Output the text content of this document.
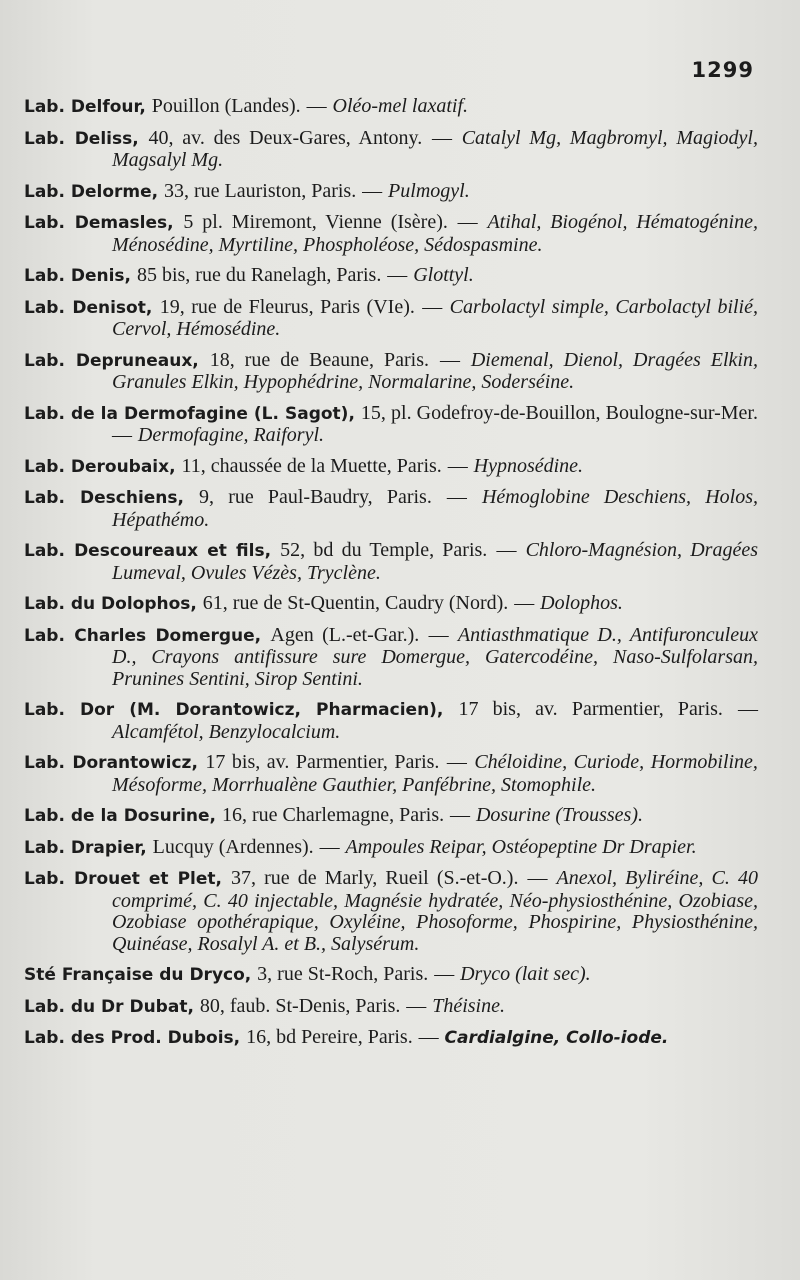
1299

Lab. Delfour, Pouillon (Landes). — Oléo-mel laxatif.

Lab. Deliss, 40, av. des Deux-Gares, Antony. — Catalyl Mg, Magbromyl, Magiodyl, Magsalyl Mg.

Lab. Delorme, 33, rue Lauriston, Paris. — Pulmogyl.

Lab. Demasles, 5 pl. Miremont, Vienne (Isère). — Atihal, Biogénol, Hématogénine, Ménosédine, Myrtiline, Phospholéose, Sédospasmine.

Lab. Denis, 85 bis, rue du Ranelagh, Paris. — Glottyl.

Lab. Denisot, 19, rue de Fleurus, Paris (VIe). — Carbolactyl simple, Carbolactyl bilié, Cervol, Hémosédine.

Lab. Depruneaux, 18, rue de Beaune, Paris. — Diemenal, Dienol, Dragées Elkin, Granules Elkin, Hypophédrine, Normalarine, Soderséine.

Lab. de la Dermofagine (L. Sagot), 15, pl. Godefroy-de-Bouillon, Boulogne-sur-Mer. — Dermofagine, Raiforyl.

Lab. Deroubaix, 11, chaussée de la Muette, Paris. — Hypnosédine.

Lab. Deschiens, 9, rue Paul-Baudry, Paris. — Hémoglobine Deschiens, Holos, Hépathémo.

Lab. Descoureaux et fils, 52, bd du Temple, Paris. — Chloro-Magnésion, Dragées Lumeval, Ovules Vézès, Tryclène.

Lab. du Dolophos, 61, rue de St-Quentin, Caudry (Nord). — Dolophos.

Lab. Charles Domergue, Agen (L.-et-Gar.). — Antiasthmatique D., Antifuronculeux D., Crayons antifissure sure Domergue, Gatercodéine, Naso-Sulfolarsan, Prunines Sentini, Sirop Sentini.

Lab. Dor (M. Dorantowicz, Pharmacien), 17 bis, av. Parmentier, Paris. — Alcamfétol, Benzylocalcium.

Lab. Dorantowicz, 17 bis, av. Parmentier, Paris. — Chéloidine, Curiode, Hormobiline, Mésoforme, Morrhualène Gauthier, Panfébrine, Stomophile.

Lab. de la Dosurine, 16, rue Charlemagne, Paris. — Dosurine (Trousses).

Lab. Drapier, Lucquy (Ardennes). — Ampoules Reipar, Ostéopeptine Dr Drapier.

Lab. Drouet et Plet, 37, rue de Marly, Rueil (S.-et-O.). — Anexol, Byliréine, C. 40 comprimé, C. 40 injectable, Magnésie hydratée, Néo-physiosthénine, Ozobiase, Ozobiase opothérapique, Oxyléine, Phosoforme, Phospirine, Physiosthénine, Quinéase, Rosalyl A. et B., Salysérum.

Sté Française du Dryco, 3, rue St-Roch, Paris. — Dryco (lait sec).

Lab. du Dr Dubat, 80, faub. St-Denis, Paris. — Théisine.

Lab. des Prod. Dubois, 16, bd Pereire, Paris. — Cardialgine, Collo-iode.
